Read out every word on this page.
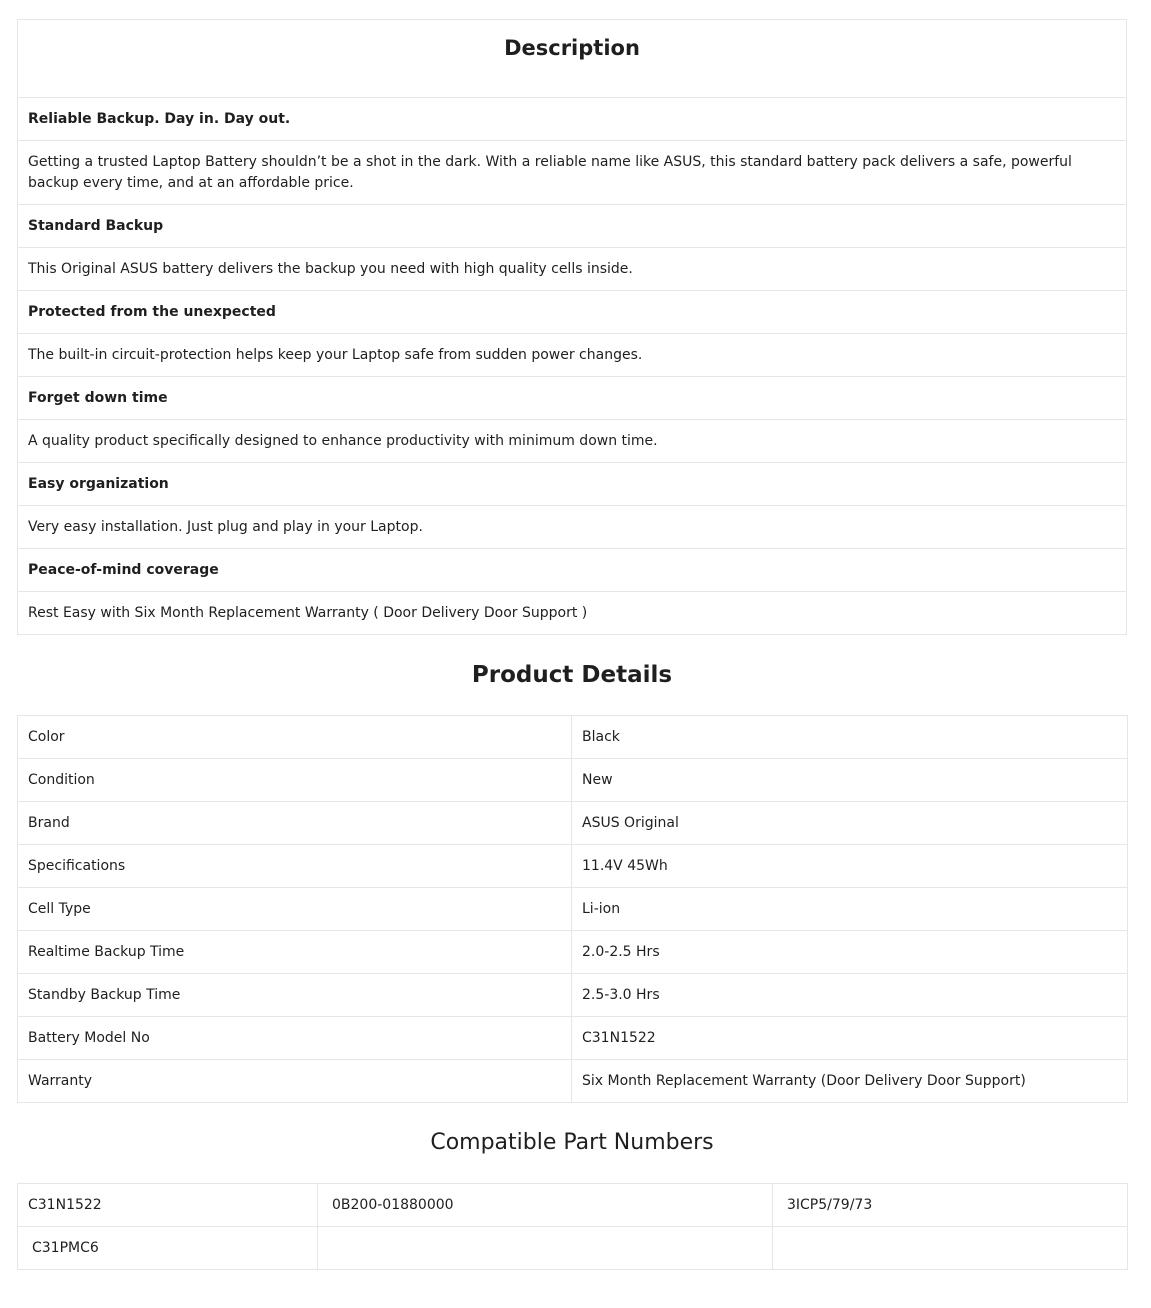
Description

Reliable Backup. Day in. Day out.
Getting a trusted Laptop Battery shouldn’t be a shot in the dark. With a reliable name like ASUS, this standard battery pack delivers a safe, powerful backup every time, and at an affordable price.
Standard Backup
This Original ASUS battery delivers the backup you need with high quality cells inside.
Protected from the unexpected
The built-in circuit-protection helps keep your Laptop safe from sudden power changes.
Forget down time
A quality product specifically designed to enhance productivity with minimum down time.
Easy organization
Very easy installation. Just plug and play in your Laptop.
Peace-of-mind coverage
Rest Easy with Six Month Replacement Warranty ( Door Delivery Door Support )
Product Details
Color	Black
Condition	New
Brand	ASUS Original
Specifications	11.4V 45Wh
Cell Type	Li-ion
Realtime Backup Time	2.0-2.5 Hrs
Standby Backup Time	2.5-3.0 Hrs
Battery Model No	C31N1522
Warranty	Six Month Replacement Warranty (Door Delivery Door Support)
Compatible Part Numbers
C31N1522	0B200-01880000	3ICP5/79/73
C31PMC6		
